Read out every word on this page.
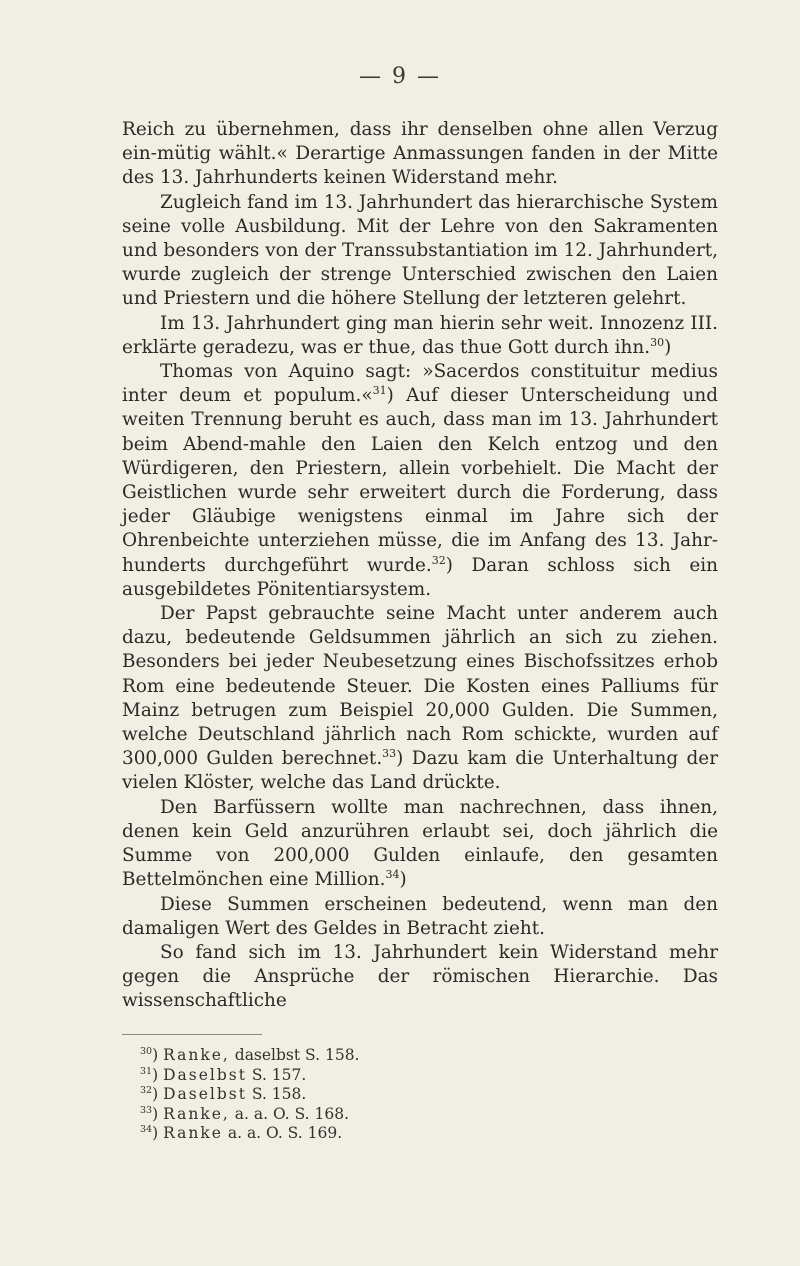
— 9 —

Reich zu übernehmen, dass ihr denselben ohne allen Verzug ein-mütig wählt.« Derartige Anmassungen fanden in der Mitte des 13. Jahrhunderts keinen Widerstand mehr.

Zugleich fand im 13. Jahrhundert das hierarchische System seine volle Ausbildung. Mit der Lehre von den Sakramenten und besonders von der Transsubstantiation im 12. Jahrhundert, wurde zugleich der strenge Unterschied zwischen den Laien und Priestern und die höhere Stellung der letzteren gelehrt.

Im 13. Jahrhundert ging man hierin sehr weit. Innozenz III. erklärte geradezu, was er thue, das thue Gott durch ihn.$^{30}$)

Thomas von Aquino sagt: »Sacerdos constituitur medius inter deum et populum.«$^{31}$) Auf dieser Unterscheidung und weiten Trennung beruht es auch, dass man im 13. Jahrhundert beim Abend-mahle den Laien den Kelch entzog und den Würdigeren, den Priestern, allein vorbehielt. Die Macht der Geistlichen wurde sehr erweitert durch die Forderung, dass jeder Gläubige wenigstens einmal im Jahre sich der Ohrenbeichte unterziehen müsse, die im Anfang des 13. Jahr-hunderts durchgeführt wurde.$^{32}$) Daran schloss sich ein ausgebildetes Pönitentiarsystem.

Der Papst gebrauchte seine Macht unter anderem auch dazu, bedeutende Geldsummen jährlich an sich zu ziehen. Besonders bei jeder Neubesetzung eines Bischofssitzes erhob Rom eine bedeutende Steuer. Die Kosten eines Palliums für Mainz betrugen zum Beispiel 20,000 Gulden. Die Summen, welche Deutschland jährlich nach Rom schickte, wurden auf 300,000 Gulden berechnet.$^{33}$) Dazu kam die Unterhaltung der vielen Klöster, welche das Land drückte.

Den Barfüssern wollte man nachrechnen, dass ihnen, denen kein Geld anzurühren erlaubt sei, doch jährlich die Summe von 200,000 Gulden einlaufe, den gesamten Bettelmönchen eine Million.$^{34}$)

Diese Summen erscheinen bedeutend, wenn man den damaligen Wert des Geldes in Betracht zieht.

So fand sich im 13. Jahrhundert kein Widerstand mehr gegen die Ansprüche der römischen Hierarchie. Das wissenschaftliche

$^{30}$) Ranke, daselbst S. 158.
$^{31}$) Daselbst S. 157.
$^{32}$) Daselbst S. 158.
$^{33}$) Ranke, a. a. O. S. 168.
$^{34}$) Ranke a. a. O. S. 169.
